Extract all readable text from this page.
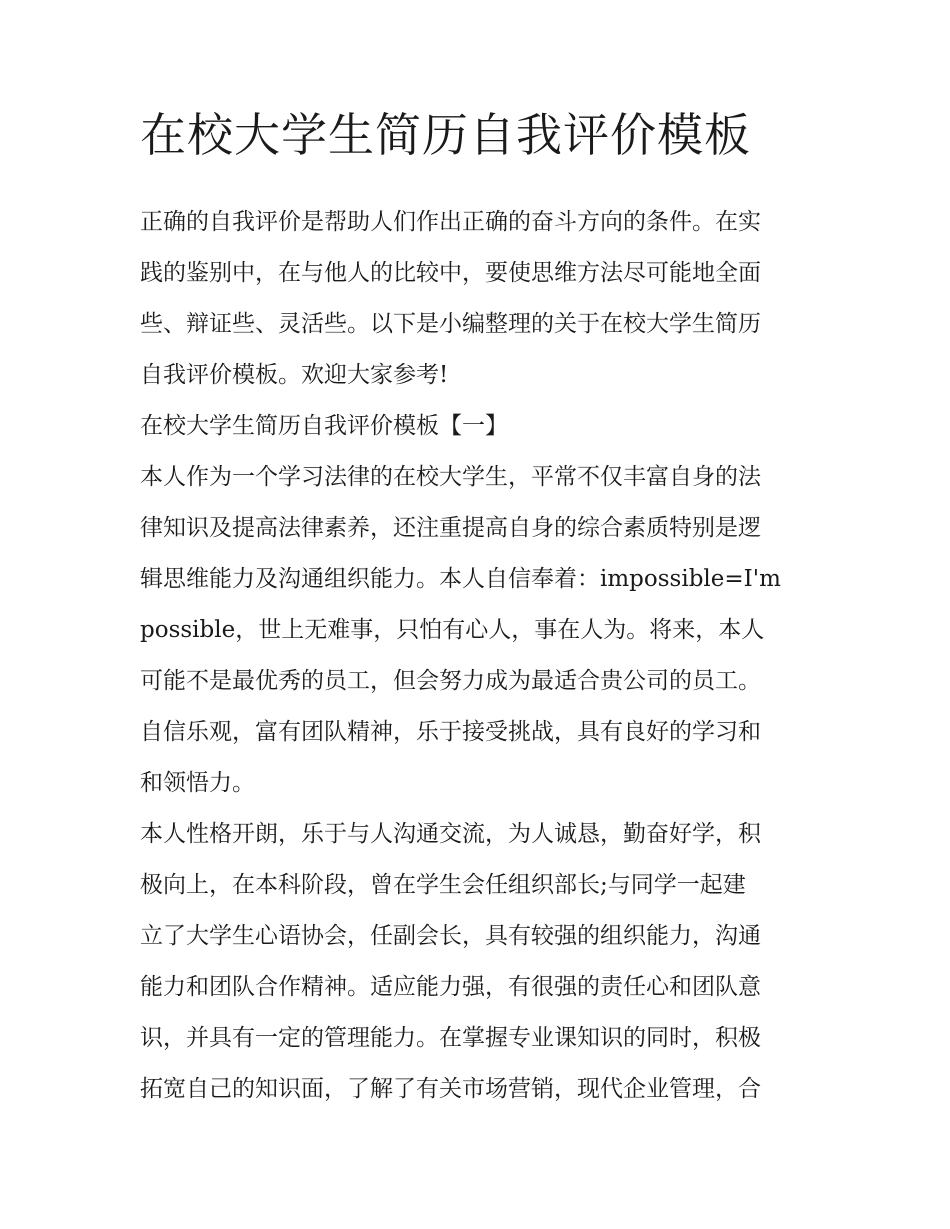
在校大学生简历自我评价模板
正确的自我评价是帮助人们作出正确的奋斗方向的条件。在实
践的鉴别中，在与他人的比较中，要使思维方法尽可能地全面
些、辩证些、灵活些。以下是小编整理的关于在校大学生简历
自我评价模板。欢迎大家参考!
在校大学生简历自我评价模板【一】
本人作为一个学习法律的在校大学生，平常不仅丰富自身的法
律知识及提高法律素养，还注重提高自身的综合素质特别是逻
辑思维能力及沟通组织能力。本人自信奉着：impossible=I'm
possible，世上无难事，只怕有心人，事在人为。将来，本人
可能不是最优秀的员工，但会努力成为最适合贵公司的员工。
自信乐观，富有团队精神，乐于接受挑战，具有良好的学习和
和领悟力。
本人性格开朗，乐于与人沟通交流，为人诚恳，勤奋好学，积
极向上，在本科阶段，曾在学生会任组织部长;与同学一起建
立了大学生心语协会，任副会长，具有较强的组织能力，沟通
能力和团队合作精神。适应能力强，有很强的责任心和团队意
识，并具有一定的管理能力。在掌握专业课知识的同时，积极
拓宽自己的知识面，了解了有关市场营销，现代企业管理，合
